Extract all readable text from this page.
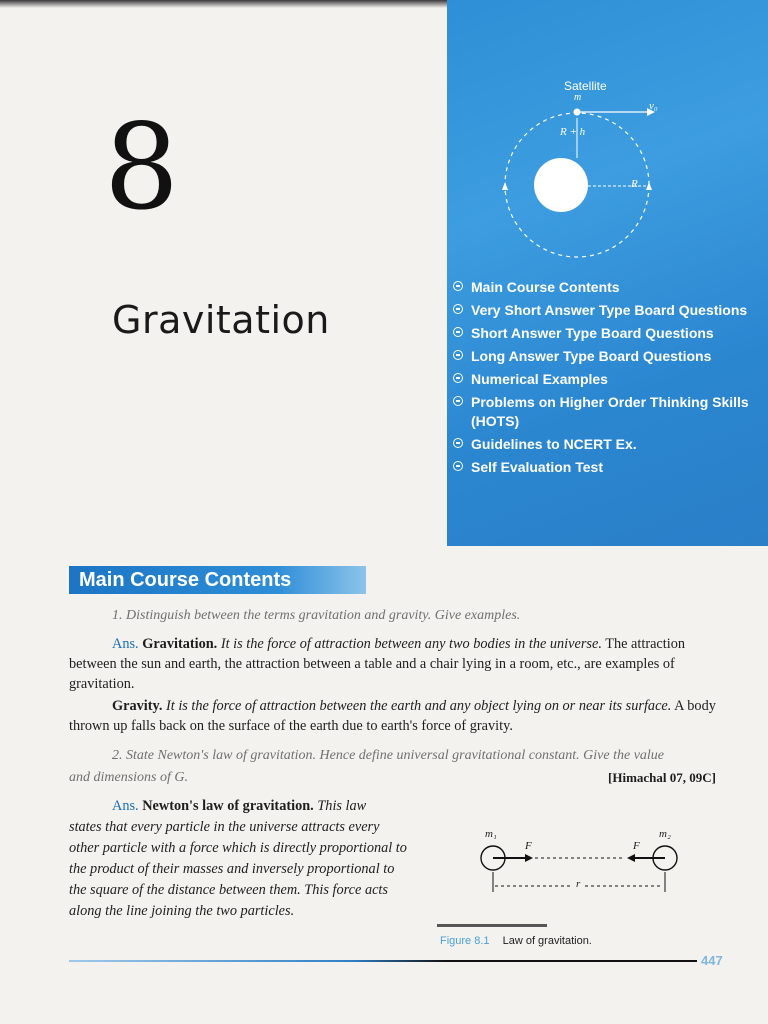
8
Gravitation
Satellite
m
v₀
R + h
R
Main Course Contents
Very Short Answer Type Board Questions
Short Answer Type Board Questions
Long Answer Type Board Questions
Numerical Examples
Problems on Higher Order Thinking Skills (HOTS)
Guidelines to NCERT Ex.
Self Evaluation Test
Main Course Contents
1. Distinguish between the terms gravitation and gravity. Give examples.
Ans. Gravitation. It is the force of attraction between any two bodies in the universe. The attraction between the sun and earth, the attraction between a table and a chair lying in a room, etc., are examples of gravitation.
Gravity. It is the force of attraction between the earth and any object lying on or near its surface. A body thrown up falls back on the surface of the earth due to earth's force of gravity.
2. State Newton's law of gravitation. Hence define universal gravitational constant. Give the value
and dimensions of G.	[Himachal 07, 09C]
Ans. Newton's law of gravitation. This law
states that every particle in the universe attracts every
other particle with a force which is directly proportional to
the product of their masses and inversely proportional to
the square of the distance between them. This force acts
along the line joining the two particles.
m₁	m₂
F	F
r
Figure 8.1 Law of gravitation.
447
